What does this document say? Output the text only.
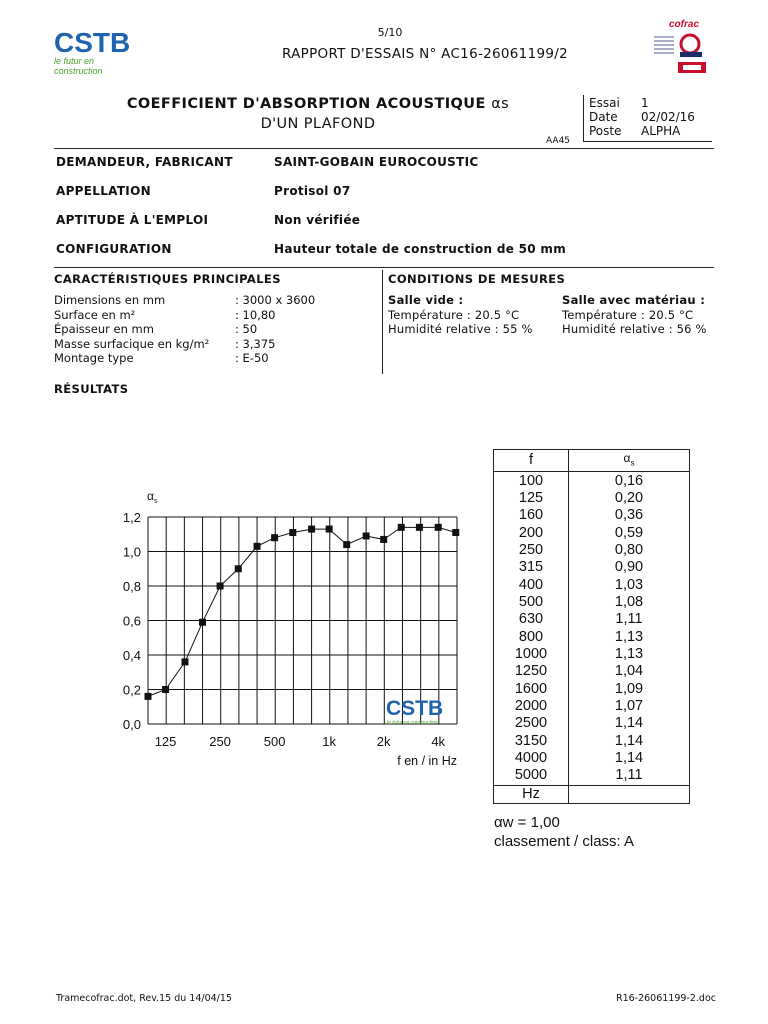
CSTB
le futur en construction
5/10
RAPPORT D'ESSAIS N° AC16-26061199/2
cofrac
COEFFICIENT D'ABSORPTION ACOUSTIQUE αs
D'UN PLAFOND
AA45
Essai 1
Date 02/02/16
Poste ALPHA
DEMANDEUR, FABRICANT	SAINT-GOBAIN EUROCOUSTIC
APPELLATION	Protisol 07
APTITUDE À L'EMPLOI	Non vérifiée
CONFIGURATION	Hauteur totale de construction de 50 mm
CARACTÉRISTIQUES PRINCIPALES
Dimensions en mm	: 3000 x 3600
Surface en m²	: 10,80
Épaisseur en mm	: 50
Masse surfacique en kg/m² : 3,375
Montage type	: E-50
CONDITIONS DE MESURES
Salle vide :
Température : 20.5 °C
Humidité relative : 55 %
Salle avec matériau :
Température : 20.5 °C
Humidité relative : 56 %
RÉSULTATS
0,0
0,2
0,4
0,6
0,8
1,0
1,2
125	250	500	1k	2k	4k
$\alpha_s$
f en / in Hz
CSTB
le futur en construction
f	$\alpha_s$
100	0,16
125	0,20
160	0,36
200	0,59
250	0,80
315	0,90
400	1,03
500	1,08
630	1,11
800	1,13
1000	1,13
1250	1,04
1600	1,09
2000	1,07
2500	1,14
3150	1,14
4000	1,14
5000	1,11
Hz	
αw = 1,00
classement / class: A
Tramecofrac.dot, Rev.15 du 14/04/15	R16-26061199-2.doc
